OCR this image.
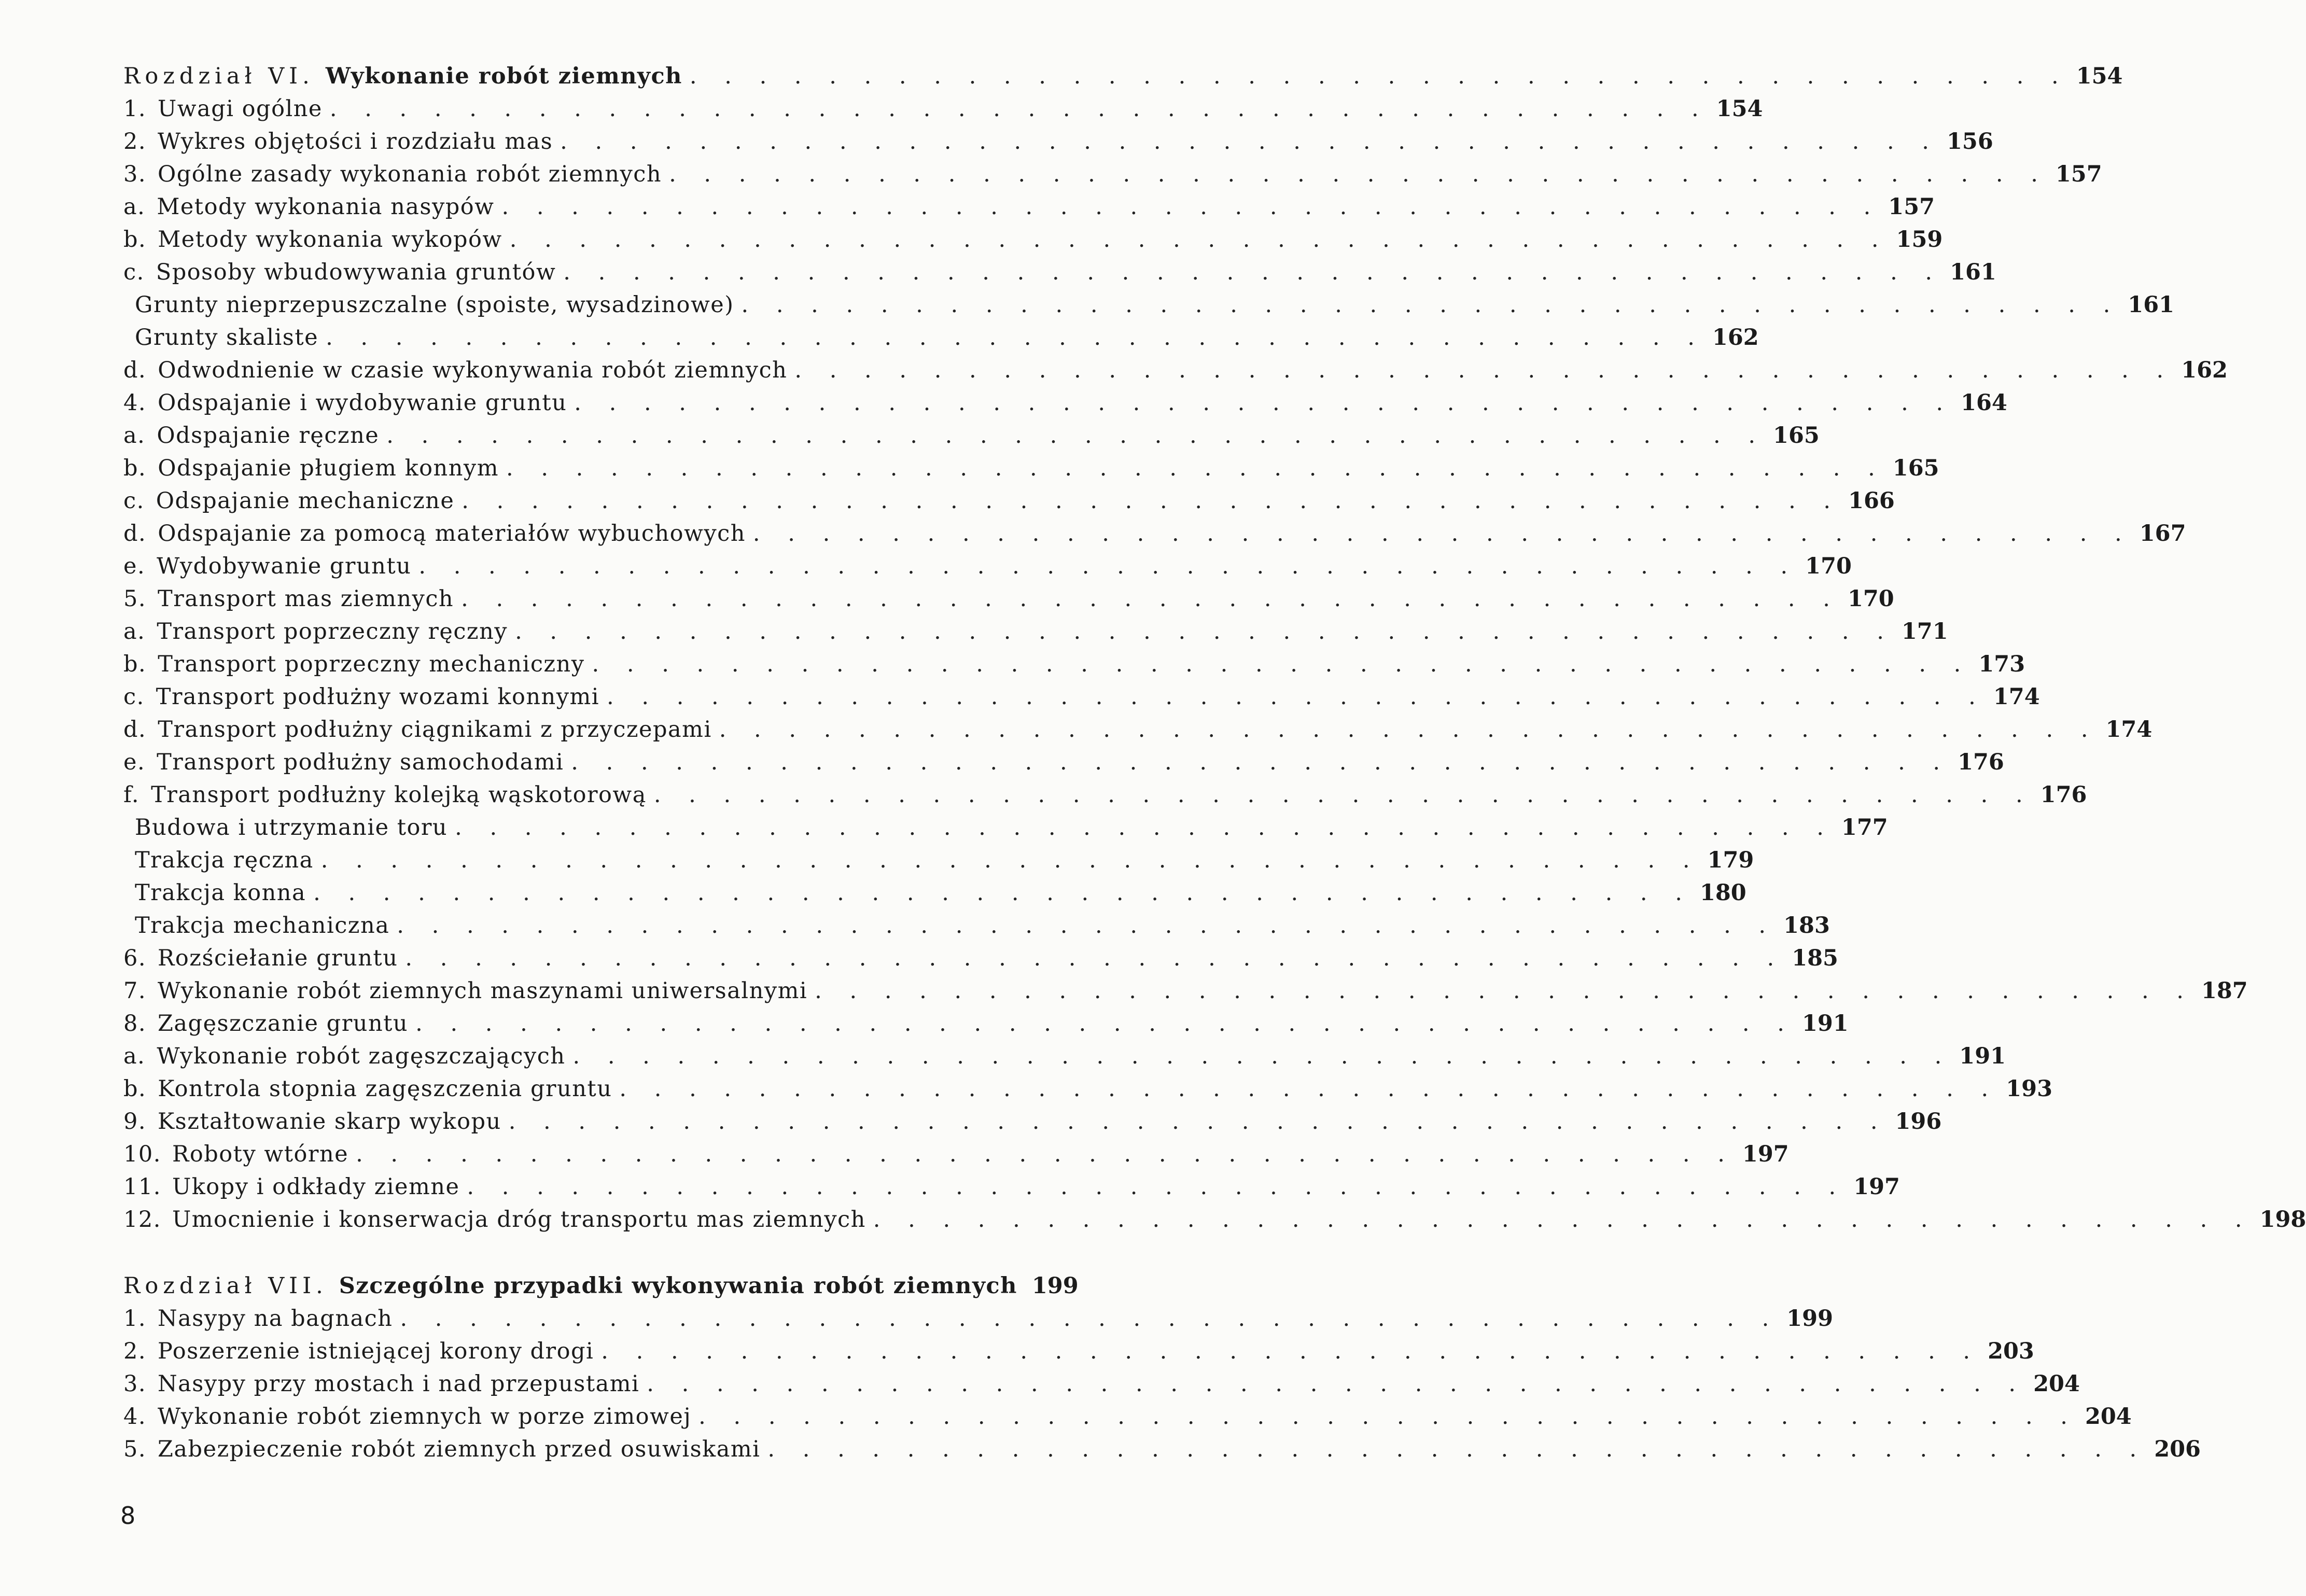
Rozdział VI. Wykonanie robót ziemnych . . . . . . . . . . . . . . . . . . . . . . . . . . . . . . . . . . . . . . . . 154
1. Uwagi ogólne . . . . . . . . . . . . . . . . . . . . . . . . . . . . . . . . . . . . . . . . 154
2. Wykres objętości i rozdziału mas . . . . . . . . . . . . . . . . . . . . . . . . . . . . . . . . . . . . . . . . 156
3. Ogólne zasady wykonania robót ziemnych . . . . . . . . . . . . . . . . . . . . . . . . . . . . . . . . . . . . . . . . 157
a. Metody wykonania nasypów . . . . . . . . . . . . . . . . . . . . . . . . . . . . . . . . . . . . . . . . 157
b. Metody wykonania wykopów . . . . . . . . . . . . . . . . . . . . . . . . . . . . . . . . . . . . . . . . 159
c. Sposoby wbudowywania gruntów . . . . . . . . . . . . . . . . . . . . . . . . . . . . . . . . . . . . . . . . 161
Grunty nieprzepuszczalne (spoiste, wysadzinowe) . . . . . . . . . . . . . . . . . . . . . . . . . . . . . . . . . . . . . . . . 161
Grunty skaliste . . . . . . . . . . . . . . . . . . . . . . . . . . . . . . . . . . . . . . . . 162
d. Odwodnienie w czasie wykonywania robót ziemnych . . . . . . . . . . . . . . . . . . . . . . . . . . . . . . . . . . . . . . . . 162
4. Odspajanie i wydobywanie gruntu . . . . . . . . . . . . . . . . . . . . . . . . . . . . . . . . . . . . . . . . 164
a. Odspajanie ręczne . . . . . . . . . . . . . . . . . . . . . . . . . . . . . . . . . . . . . . . . 165
b. Odspajanie pługiem konnym . . . . . . . . . . . . . . . . . . . . . . . . . . . . . . . . . . . . . . . . 165
c. Odspajanie mechaniczne . . . . . . . . . . . . . . . . . . . . . . . . . . . . . . . . . . . . . . . . 166
d. Odspajanie za pomocą materiałów wybuchowych . . . . . . . . . . . . . . . . . . . . . . . . . . . . . . . . . . . . . . . . 167
e. Wydobywanie gruntu . . . . . . . . . . . . . . . . . . . . . . . . . . . . . . . . . . . . . . . . 170
5. Transport mas ziemnych . . . . . . . . . . . . . . . . . . . . . . . . . . . . . . . . . . . . . . . . 170
a. Transport poprzeczny ręczny . . . . . . . . . . . . . . . . . . . . . . . . . . . . . . . . . . . . . . . . 171
b. Transport poprzeczny mechaniczny . . . . . . . . . . . . . . . . . . . . . . . . . . . . . . . . . . . . . . . . 173
c. Transport podłużny wozami konnymi . . . . . . . . . . . . . . . . . . . . . . . . . . . . . . . . . . . . . . . . 174
d. Transport podłużny ciągnikami z przyczepami . . . . . . . . . . . . . . . . . . . . . . . . . . . . . . . . . . . . . . . . 174
e. Transport podłużny samochodami . . . . . . . . . . . . . . . . . . . . . . . . . . . . . . . . . . . . . . . . 176
f. Transport podłużny kolejką wąskotorową . . . . . . . . . . . . . . . . . . . . . . . . . . . . . . . . . . . . . . . . 176
Budowa i utrzymanie toru . . . . . . . . . . . . . . . . . . . . . . . . . . . . . . . . . . . . . . . . 177
Trakcja ręczna . . . . . . . . . . . . . . . . . . . . . . . . . . . . . . . . . . . . . . . . 179
Trakcja konna . . . . . . . . . . . . . . . . . . . . . . . . . . . . . . . . . . . . . . . . 180
Trakcja mechaniczna . . . . . . . . . . . . . . . . . . . . . . . . . . . . . . . . . . . . . . . . 183
6. Rozściełanie gruntu . . . . . . . . . . . . . . . . . . . . . . . . . . . . . . . . . . . . . . . . 185
7. Wykonanie robót ziemnych maszynami uniwersalnymi . . . . . . . . . . . . . . . . . . . . . . . . . . . . . . . . . . . . . . . . 187
8. Zagęszczanie gruntu . . . . . . . . . . . . . . . . . . . . . . . . . . . . . . . . . . . . . . . . 191
a. Wykonanie robót zagęszczających . . . . . . . . . . . . . . . . . . . . . . . . . . . . . . . . . . . . . . . . 191
b. Kontrola stopnia zagęszczenia gruntu . . . . . . . . . . . . . . . . . . . . . . . . . . . . . . . . . . . . . . . . 193
9. Kształtowanie skarp wykopu . . . . . . . . . . . . . . . . . . . . . . . . . . . . . . . . . . . . . . . . 196
10. Roboty wtórne . . . . . . . . . . . . . . . . . . . . . . . . . . . . . . . . . . . . . . . . 197
11. Ukopy i odkłady ziemne . . . . . . . . . . . . . . . . . . . . . . . . . . . . . . . . . . . . . . . . 197
12. Umocnienie i konserwacja dróg transportu mas ziemnych . . . . . . . . . . . . . . . . . . . . . . . . . . . . . . . . . . . . . . . . 198
Rozdział VII. Szczególne przypadki wykonywania robót ziemnych 199
1. Nasypy na bagnach . . . . . . . . . . . . . . . . . . . . . . . . . . . . . . . . . . . . . . . . 199
2. Poszerzenie istniejącej korony drogi . . . . . . . . . . . . . . . . . . . . . . . . . . . . . . . . . . . . . . . . 203
3. Nasypy przy mostach i nad przepustami . . . . . . . . . . . . . . . . . . . . . . . . . . . . . . . . . . . . . . . . 204
4. Wykonanie robót ziemnych w porze zimowej . . . . . . . . . . . . . . . . . . . . . . . . . . . . . . . . . . . . . . . . 204
5. Zabezpieczenie robót ziemnych przed osuwiskami . . . . . . . . . . . . . . . . . . . . . . . . . . . . . . . . . . . . . . . . 206
8
